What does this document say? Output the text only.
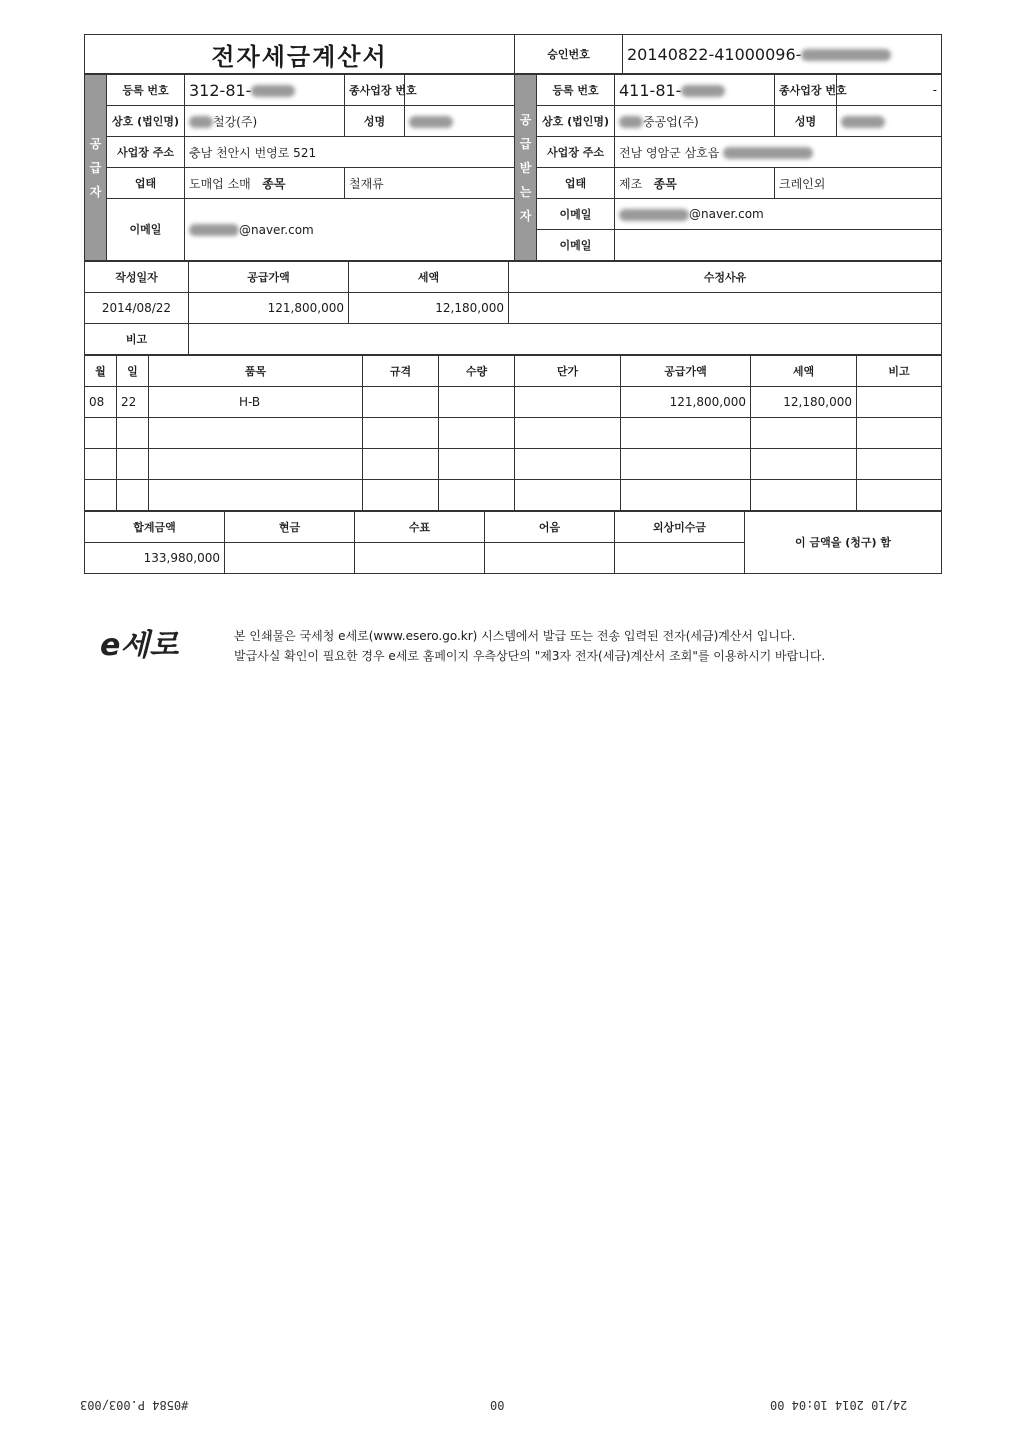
전자세금계산서	승인번호	20140822-41000096-
공 급 자	등록 번호	312-81-	종사업장 번호		공 급 받 는 자	등록 번호	411-81-	종사업장 번호	-
	상호 (법인명)	철강(주)	성명			상호 (법인명)	중공업(주)	성명	
	사업장 주소	충남 천안시 번영로 521				사업장 주소	전남 영암군 삼호읍		
	업태	도매업 소매 종목	철재류			업태	제조 종목	크레인외	
	이메일	@naver.com				이메일	@naver.com		
						이메일			
작성일자	공급가액	세액	수정사유
2014/08/22	121,800,000	12,180,000	
비고			
월	일	품목	규격	수량	단가	공급가액	세액	비고
08	22	H-B				121,800,000	12,180,000	

합계금액	현금	수표	어음	외상미수금	이 금액을 (청구) 함
133,980,000					
e세로	본 인쇄물은 국세청 e세로(www.esero.go.kr) 시스템에서 발급 또는 전송 입력된 전자(세금)계산서 입니다.
발급사실 확인이 필요한 경우 e세로 홈페이지 우측상단의 "제3자 전자(세금)계산서 조회"를 이용하시기 바랍니다.
#0584 P.003/003	00	24/10 2014 10:04 00
